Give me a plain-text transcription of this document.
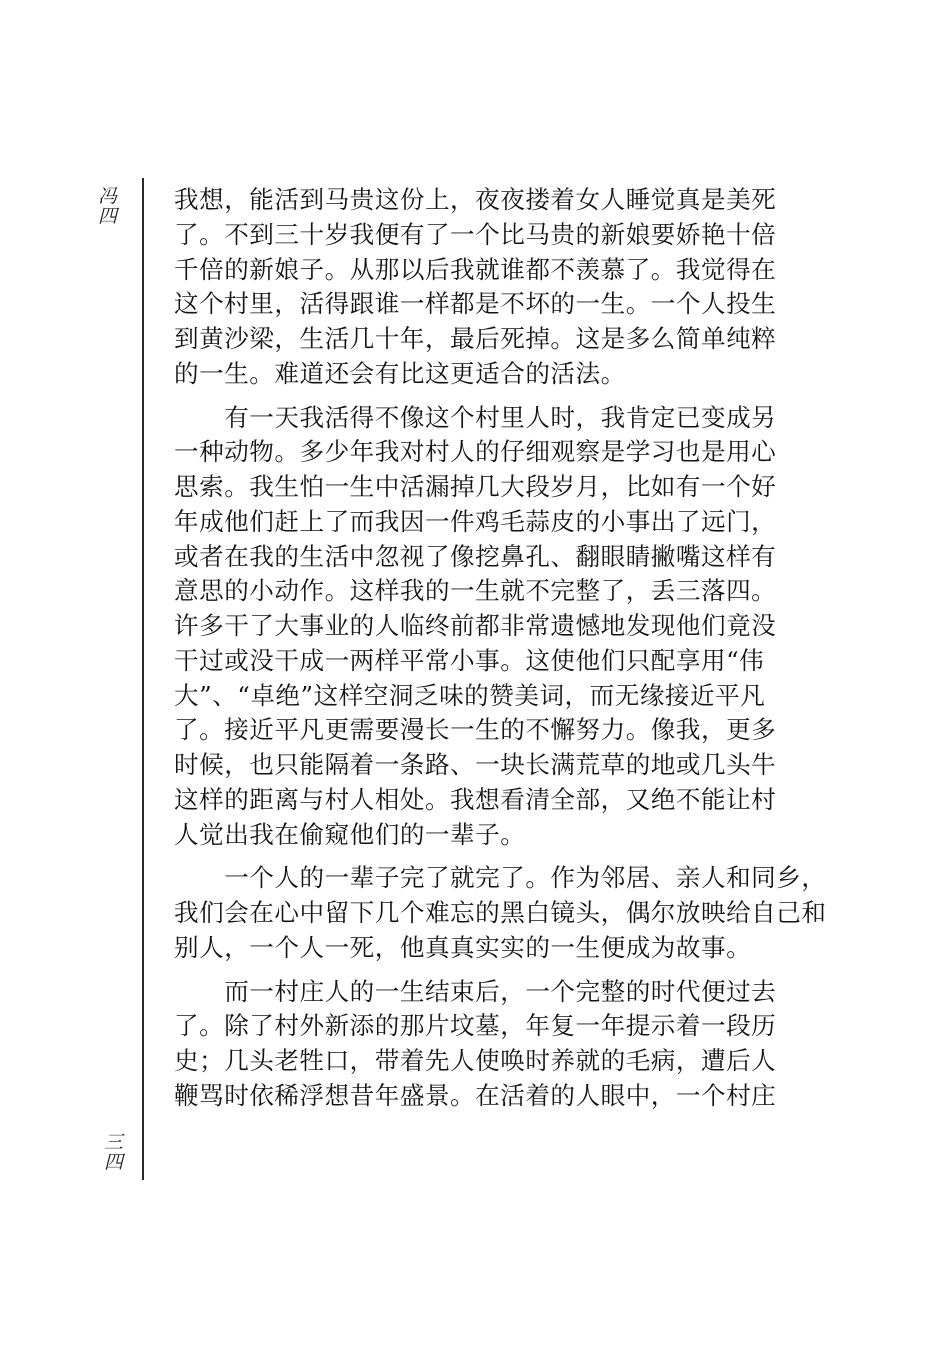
冯四
三四

我想，能活到马贵这份上，夜夜搂着女人睡觉真是美死
了。不到三十岁我便有了一个比马贵的新娘要娇艳十倍
千倍的新娘子。从那以后我就谁都不羡慕了。我觉得在
这个村里，活得跟谁一样都是不坏的一生。一个人投生
到黄沙梁，生活几十年，最后死掉。这是多么简单纯粹
的一生。难道还会有比这更适合的活法。

　　有一天我活得不像这个村里人时，我肯定已变成另
一种动物。多少年我对村人的仔细观察是学习也是用心
思索。我生怕一生中活漏掉几大段岁月，比如有一个好
年成他们赶上了而我因一件鸡毛蒜皮的小事出了远门，
或者在我的生活中忽视了像挖鼻孔、翻眼睛撇嘴这样有
意思的小动作。这样我的一生就不完整了，丢三落四。
许多干了大事业的人临终前都非常遗憾地发现他们竟没
干过或没干成一两样平常小事。这使他们只配享用“伟
大”、“卓绝”这样空洞乏味的赞美词，而无缘接近平凡
了。接近平凡更需要漫长一生的不懈努力。像我，更多
时候，也只能隔着一条路、一块长满荒草的地或几头牛
这样的距离与村人相处。我想看清全部，又绝不能让村
人觉出我在偷窥他们的一辈子。

　　一个人的一辈子完了就完了。作为邻居、亲人和同乡，
我们会在心中留下几个难忘的黑白镜头，偶尔放映给自己和
别人，一个人一死，他真真实实的一生便成为故事。

　　而一村庄人的一生结束后，一个完整的时代便过去
了。除了村外新添的那片坟墓，年复一年提示着一段历
史；几头老牲口，带着先人使唤时养就的毛病，遭后人
鞭骂时依稀浮想昔年盛景。在活着的人眼中，一个村庄
